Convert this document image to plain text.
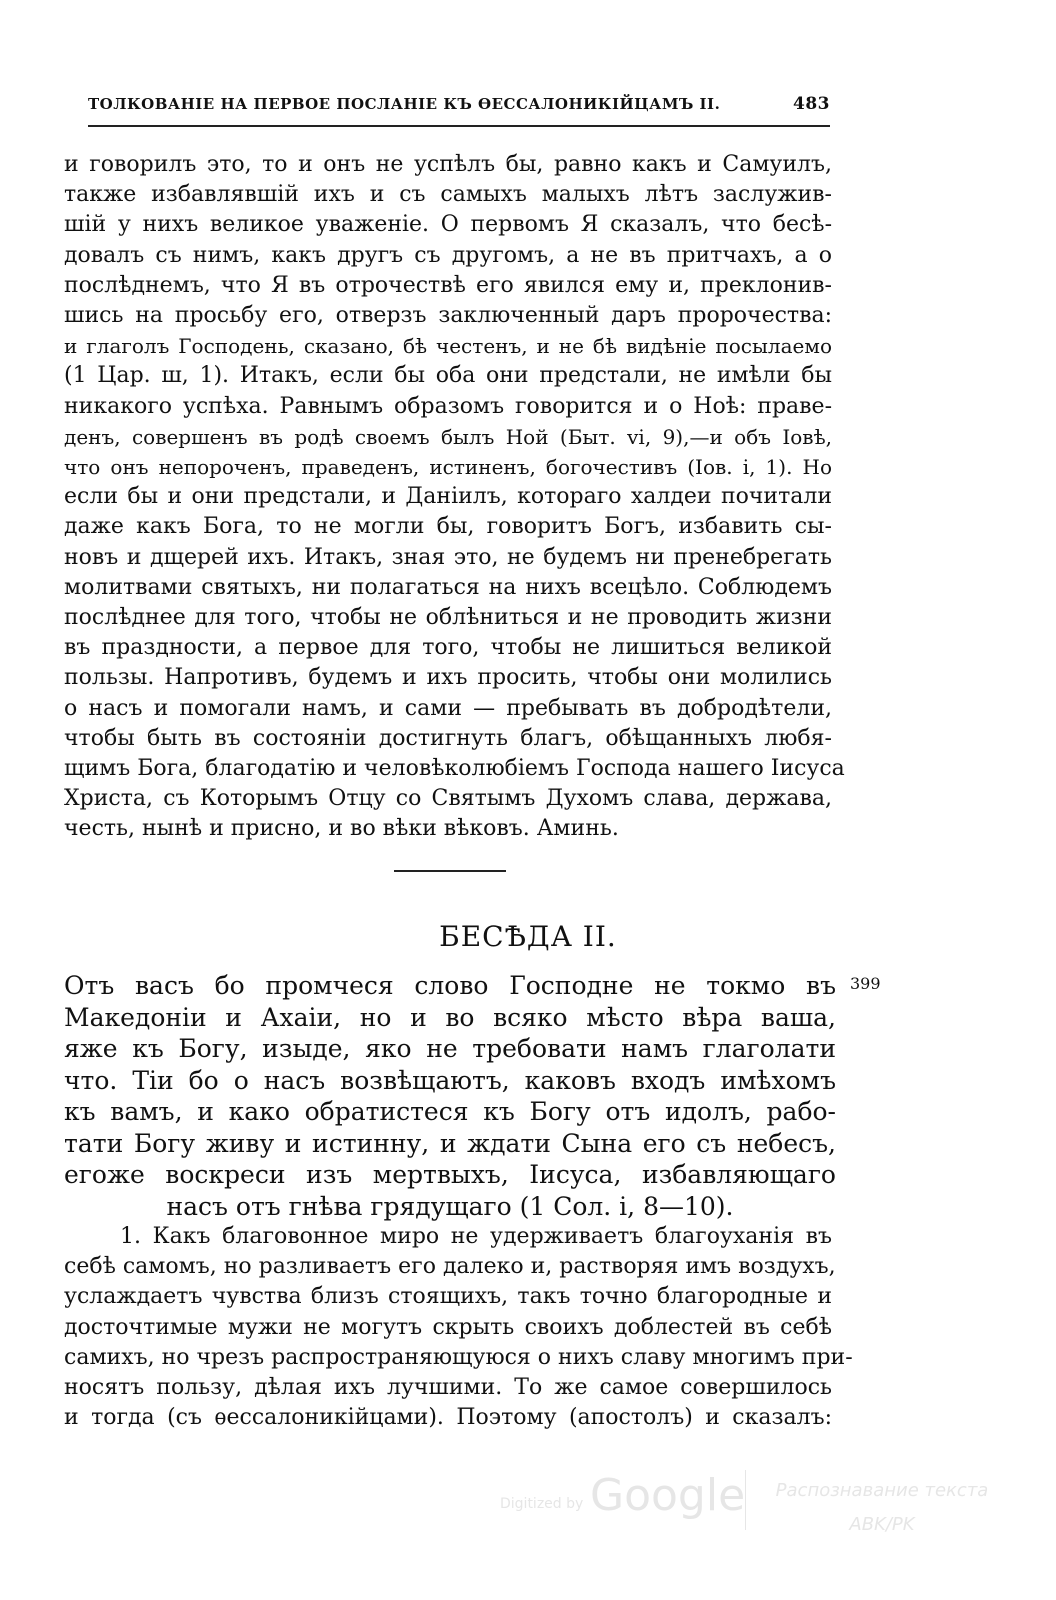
ТОЛКОВАНІЕ НА ПЕРВОЕ ПОСЛАНІЕ КЪ ѲЕССАЛОНИКІЙЦАМЪ II.	483
и говорилъ это, то и онъ не успѣлъ бы, равно какъ и Самуилъ,
также избавлявшій ихъ и съ самыхъ малыхъ лѣтъ заслужив-
шій у нихъ великое уваженіе. О первомъ Я сказалъ, что бесѣ-
довалъ съ нимъ, какъ другъ съ другомъ, а не въ притчахъ, а о
послѣднемъ, что Я въ отрочествѣ его явился ему и, преклонив-
шись на просьбу его, отверзъ заключенный даръ пророчества:
и глаголъ Господень, сказано, бѣ честенъ, и не бѣ видѣніе посылаемо
(1 Цар. ш, 1). Итакъ, если бы оба они предстали, не имѣли бы
никакого успѣха. Равнымъ образомъ говорится и о Ноѣ: праве-
денъ, совершенъ въ родѣ своемъ былъ Ной (Быт. vi, 9),—и объ Іовѣ,
что онъ непороченъ, праведенъ, истиненъ, богочестивъ (Іов. i, 1). Но
если бы и они предстали, и Даніилъ, котораго халдеи почитали
даже какъ Бога, то не могли бы, говоритъ Богъ, избавить сы-
новъ и дщерей ихъ. Итакъ, зная это, не будемъ ни пренебрегать
молитвами святыхъ, ни полагаться на нихъ всецѣло. Соблюдемъ
послѣднее для того, чтобы не облѣниться и не проводить жизни
въ праздности, а первое для того, чтобы не лишиться великой
пользы. Напротивъ, будемъ и ихъ просить, чтобы они молились
о насъ и помогали намъ, и сами — пребывать въ добродѣтели,
чтобы быть въ состояніи достигнуть благъ, обѣщанныхъ любя-
щимъ Бога, благодатію и человѣколюбіемъ Господа нашего Іисуса
Христа, съ Которымъ Отцу со Святымъ Духомъ слава, держава,
честь, нынѣ и присно, и во вѣки вѣковъ. Аминь.
БЕСѢДА II.
Отъ васъ бо промчеся слово Господне не токмо въ
Македоніи и Ахаіи, но и во всяко мѣсто вѣра ваша,
яже къ Богу, изыде, яко не требовати намъ глаголати
что. Тіи бо о насъ возвѣщаютъ, каковъ входъ имѣхомъ
къ вамъ, и како обратистеся къ Богу отъ идолъ, рабо-
тати Богу живу и истинну, и ждати Сына его съ небесъ,
егоже воскреси изъ мертвыхъ, Іисуса, избавляющаго
насъ отъ гнѣва грядущаго (1 Сол. i, 8—10).
399
1. Какъ благовонное миро не удерживаетъ благоуханія въ
себѣ самомъ, но разливаетъ его далеко и, растворяя имъ воздухъ,
услаждаетъ чувства близъ стоящихъ, такъ точно благородные и
досточтимые мужи не могутъ скрыть своихъ доблестей въ себѣ
самихъ, но чрезъ распространяющуюся о нихъ славу многимъ при-
носятъ пользу, дѣлая ихъ лучшими. То же самое совершилось
и тогда (съ ѳессалоникійцами). Поэтому (апостолъ) и сказалъ:
Digitized by Google	Распознавание текста
ABK/PK
